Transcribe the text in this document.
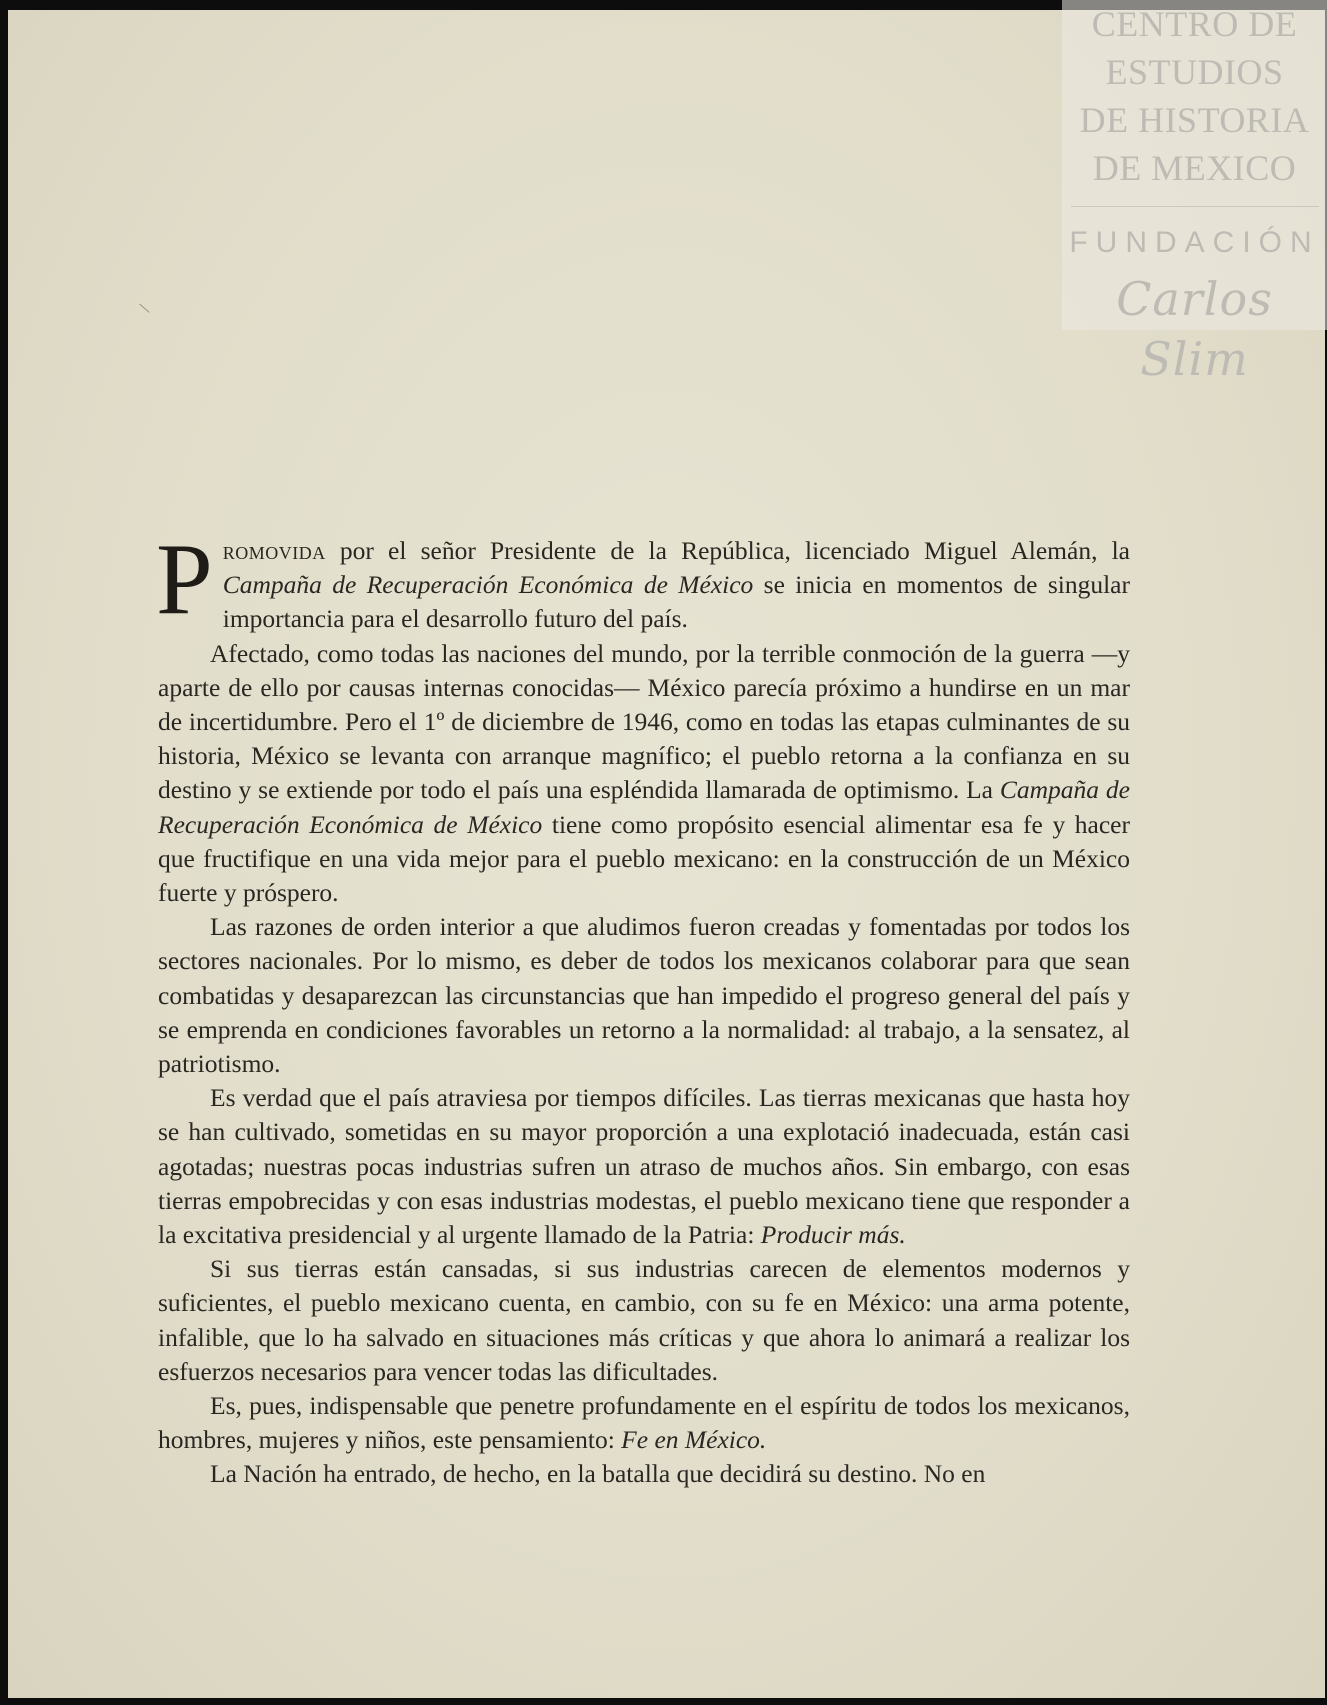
\
CENTRO DE
ESTUDIOS
DE HISTORIA
DE MEXICO
FUNDACIÓN
Carlos Slim

Promovida por el señor Presidente de la República, licenciado Miguel Alemán, la Campaña de Recuperación Económica de México se inicia en momentos de singular importancia para el desarrollo futuro del país.

Afectado, como todas las naciones del mundo, por la terrible conmoción de la guerra —y aparte de ello por causas internas conocidas— México parecía próximo a hundirse en un mar de incertidumbre. Pero el 1º de diciembre de 1946, como en todas las etapas culminantes de su historia, México se levanta con arranque magnífico; el pueblo retorna a la confianza en su destino y se extiende por todo el país una espléndida llamarada de optimismo. La Campaña de Recuperación Económica de México tiene como propósito esencial alimentar esa fe y hacer que fructifique en una vida mejor para el pueblo mexicano: en la construcción de un México fuerte y próspero.

Las razones de orden interior a que aludimos fueron creadas y fomentadas por todos los sectores nacionales. Por lo mismo, es deber de todos los mexicanos colaborar para que sean combatidas y desaparezcan las circunstancias que han impedido el progreso general del país y se emprenda en condiciones favorables un retorno a la normalidad: al trabajo, a la sensatez, al patriotismo.

Es verdad que el país atraviesa por tiempos difíciles. Las tierras mexicanas que hasta hoy se han cultivado, sometidas en su mayor proporción a una explotació inadecuada, están casi agotadas; nuestras pocas industrias sufren un atraso de muchos años. Sin embargo, con esas tierras empobrecidas y con esas industrias modestas, el pueblo mexicano tiene que responder a la excitativa presidencial y al urgente llamado de la Patria: Producir más.

Si sus tierras están cansadas, si sus industrias carecen de elementos modernos y suficientes, el pueblo mexicano cuenta, en cambio, con su fe en México: una arma potente, infalible, que lo ha salvado en situaciones más críticas y que ahora lo animará a realizar los esfuerzos necesarios para vencer todas las dificultades.

Es, pues, indispensable que penetre profundamente en el espíritu de todos los mexicanos, hombres, mujeres y niños, este pensamiento: Fe en México.

La Nación ha entrado, de hecho, en la batalla que decidirá su destino. No en
